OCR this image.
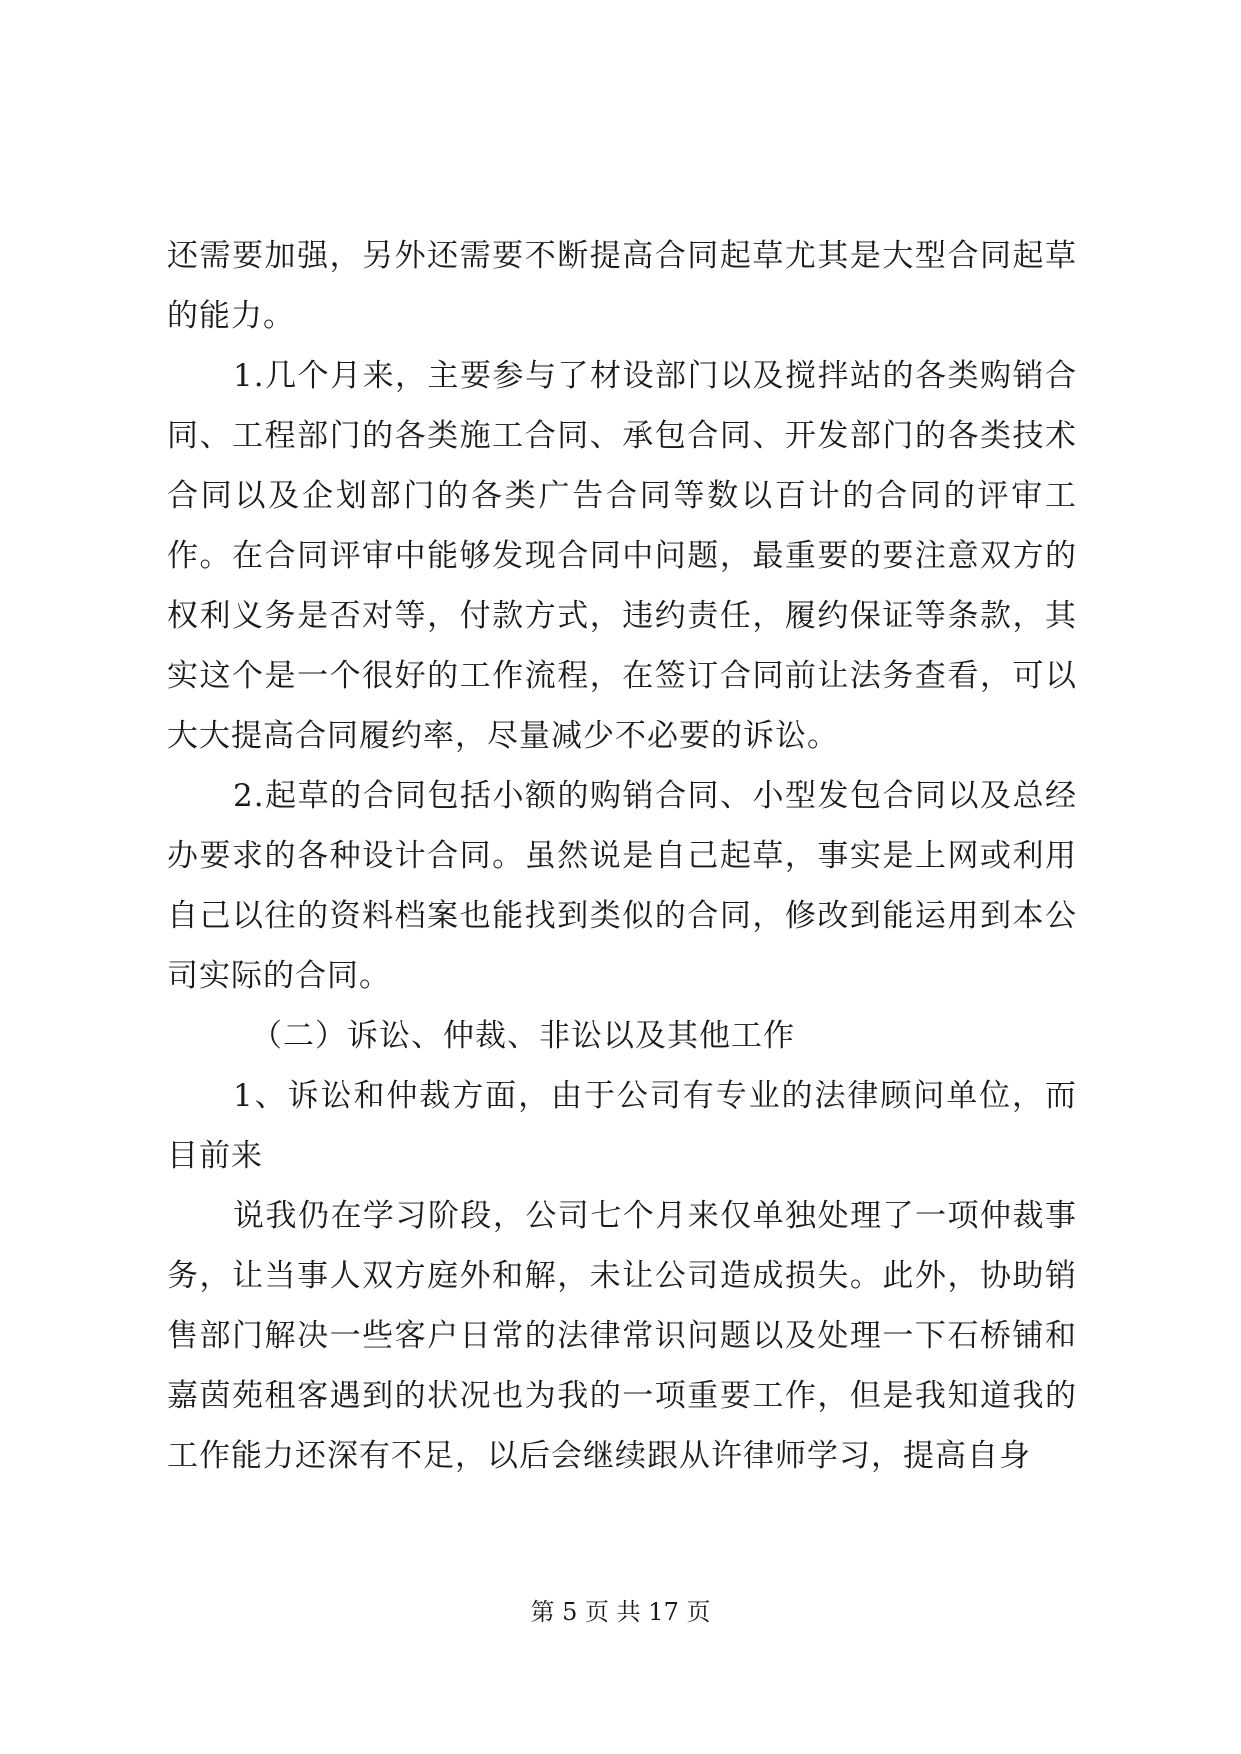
还需要加强，另外还需要不断提高合同起草尤其是大型合同起草的能力。

1.几个月来，主要参与了材设部门以及搅拌站的各类购销合同、工程部门的各类施工合同、承包合同、开发部门的各类技术合同以及企划部门的各类广告合同等数以百计的合同的评审工作。在合同评审中能够发现合同中问题，最重要的要注意双方的权利义务是否对等，付款方式，违约责任，履约保证等条款，其实这个是一个很好的工作流程，在签订合同前让法务查看，可以大大提高合同履约率，尽量减少不必要的诉讼。

2.起草的合同包括小额的购销合同、小型发包合同以及总经办要求的各种设计合同。虽然说是自己起草，事实是上网或利用自己以往的资料档案也能找到类似的合同，修改到能运用到本公司实际的合同。

（二）诉讼、仲裁、非讼以及其他工作

1、诉讼和仲裁方面，由于公司有专业的法律顾问单位，而目前来

说我仍在学习阶段，公司七个月来仅单独处理了一项仲裁事务，让当事人双方庭外和解，未让公司造成损失。此外，协助销售部门解决一些客户日常的法律常识问题以及处理一下石桥铺和嘉茵苑租客遇到的状况也为我的一项重要工作，但是我知道我的工作能力还深有不足，以后会继续跟从许律师学习，提高自身

第 5 页 共 17 页
